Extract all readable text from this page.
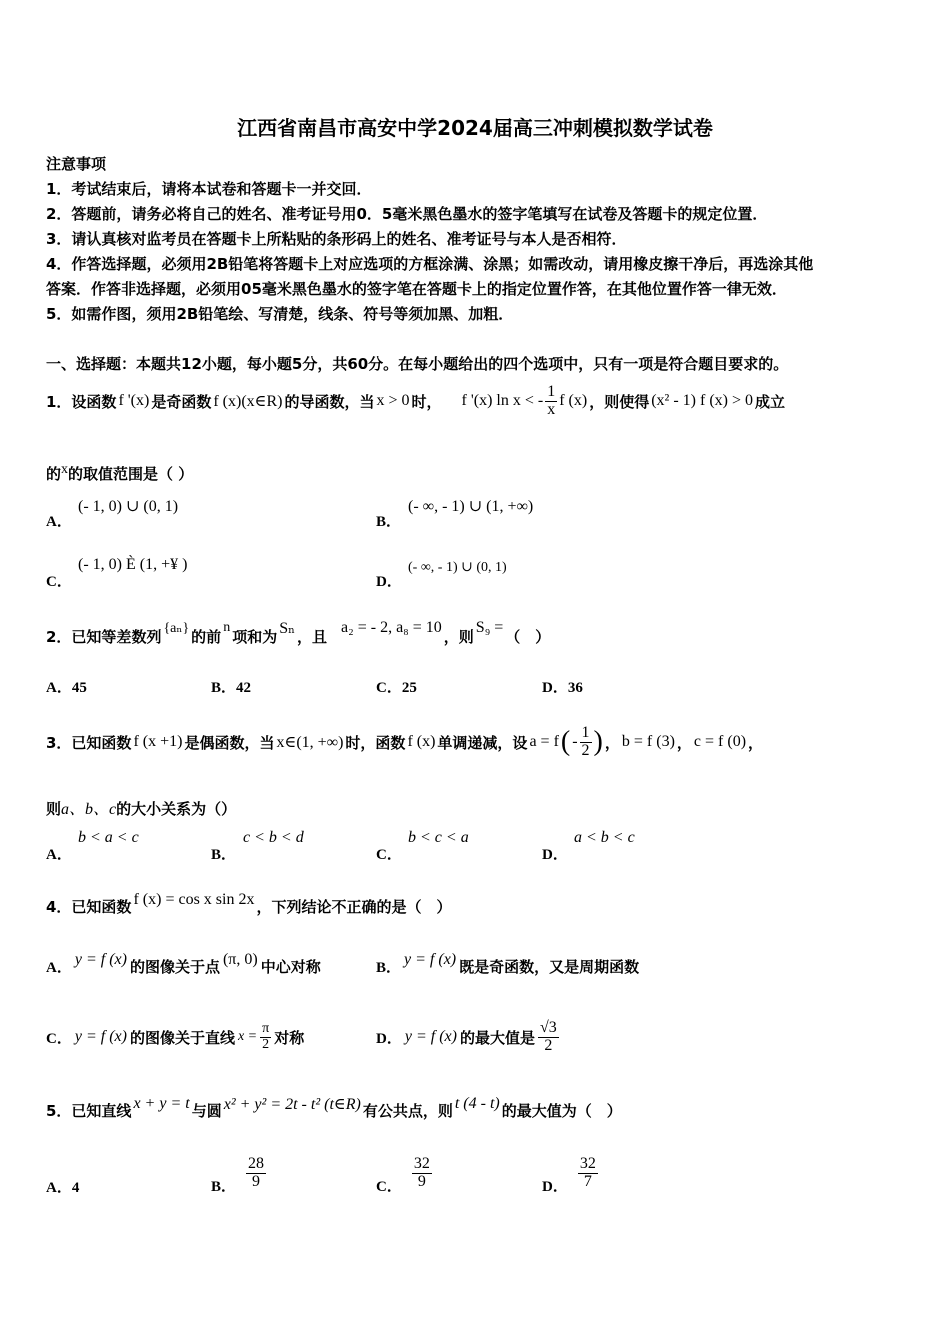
江西省南昌市高安中学2024届高三冲刺模拟数学试卷
注意事项
1．考试结束后，请将本试卷和答题卡一并交回．
2．答题前，请务必将自己的姓名、准考证号用0．5毫米黑色墨水的签字笔填写在试卷及答题卡的规定位置．
3．请认真核对监考员在答题卡上所粘贴的条形码上的姓名、准考证号与本人是否相符．
4．作答选择题，必须用2B铅笔将答题卡上对应选项的方框涂满、涂黑；如需改动，请用橡皮擦干净后，再选涂其他
答案．作答非选择题，必须用05毫米黑色墨水的签字笔在答题卡上的指定位置作答，在其他位置作答一律无效．
5．如需作图，须用2B铅笔绘、写清楚，线条、符号等须加黑、加粗．
一、选择题：本题共12小题，每小题5分，共60分。在每小题给出的四个选项中，只有一项是符合题目要求的。
1．设函数 f '(x) 是奇函数 f (x)(x∈R) 的导函数，当 x > 0 时， f '(x) ln x < - $\frac{1}{x}$ f (x) ，则使得 (x² - 1) f (x) > 0 成立
的x的取值范围是（ ）
A．
(- 1, 0) ∪ (0, 1)
B．
(- ∞, - 1) ∪ (1, +∞)
C．
(- 1, 0) È (1, +¥ )
D．
(- ∞, - 1) ∪ (0, 1)
2．已知等差数列 {aₙ} 的前 n 项和为 Sₙ ，且 a₂ = - 2, a₈ = 10 ，则 S₉ = （　）
A．45	B．42	C．25	D．36
3．已知函数 f (x +1) 是偶函数，当 x∈(1, +∞) 时，函数 f (x) 单调递减，设 a = f ( - $\frac{1}{2}$ ) ， b = f (3) ， c = f (0) ，
则a、b、c的大小关系为（）
A．
b < a < c
B．
c < b < d
C．
b < c < a
D．
a < b < c
4．已知函数 f (x) = cos x sin 2x ，下列结论不正确的是（　）
A． y = f (x) 的图像关于点 (π, 0) 中心对称	B． y = f (x) 既是奇函数，又是周期函数
C． y = f (x) 的图像关于直线 $x = \frac{\pi}{2}$ 对称	D． y = f (x) 的最大值是 $\frac{√3}{2}$
5．已知直线 x + y = t 与圆 x² + y² = 2t - t² (t∈R) 有公共点，则 t (4 - t) 的最大值为（　）
A．4	B． $\frac{28}{9}$	C． $\frac{32}{9}$	D． $\frac{32}{7}$
